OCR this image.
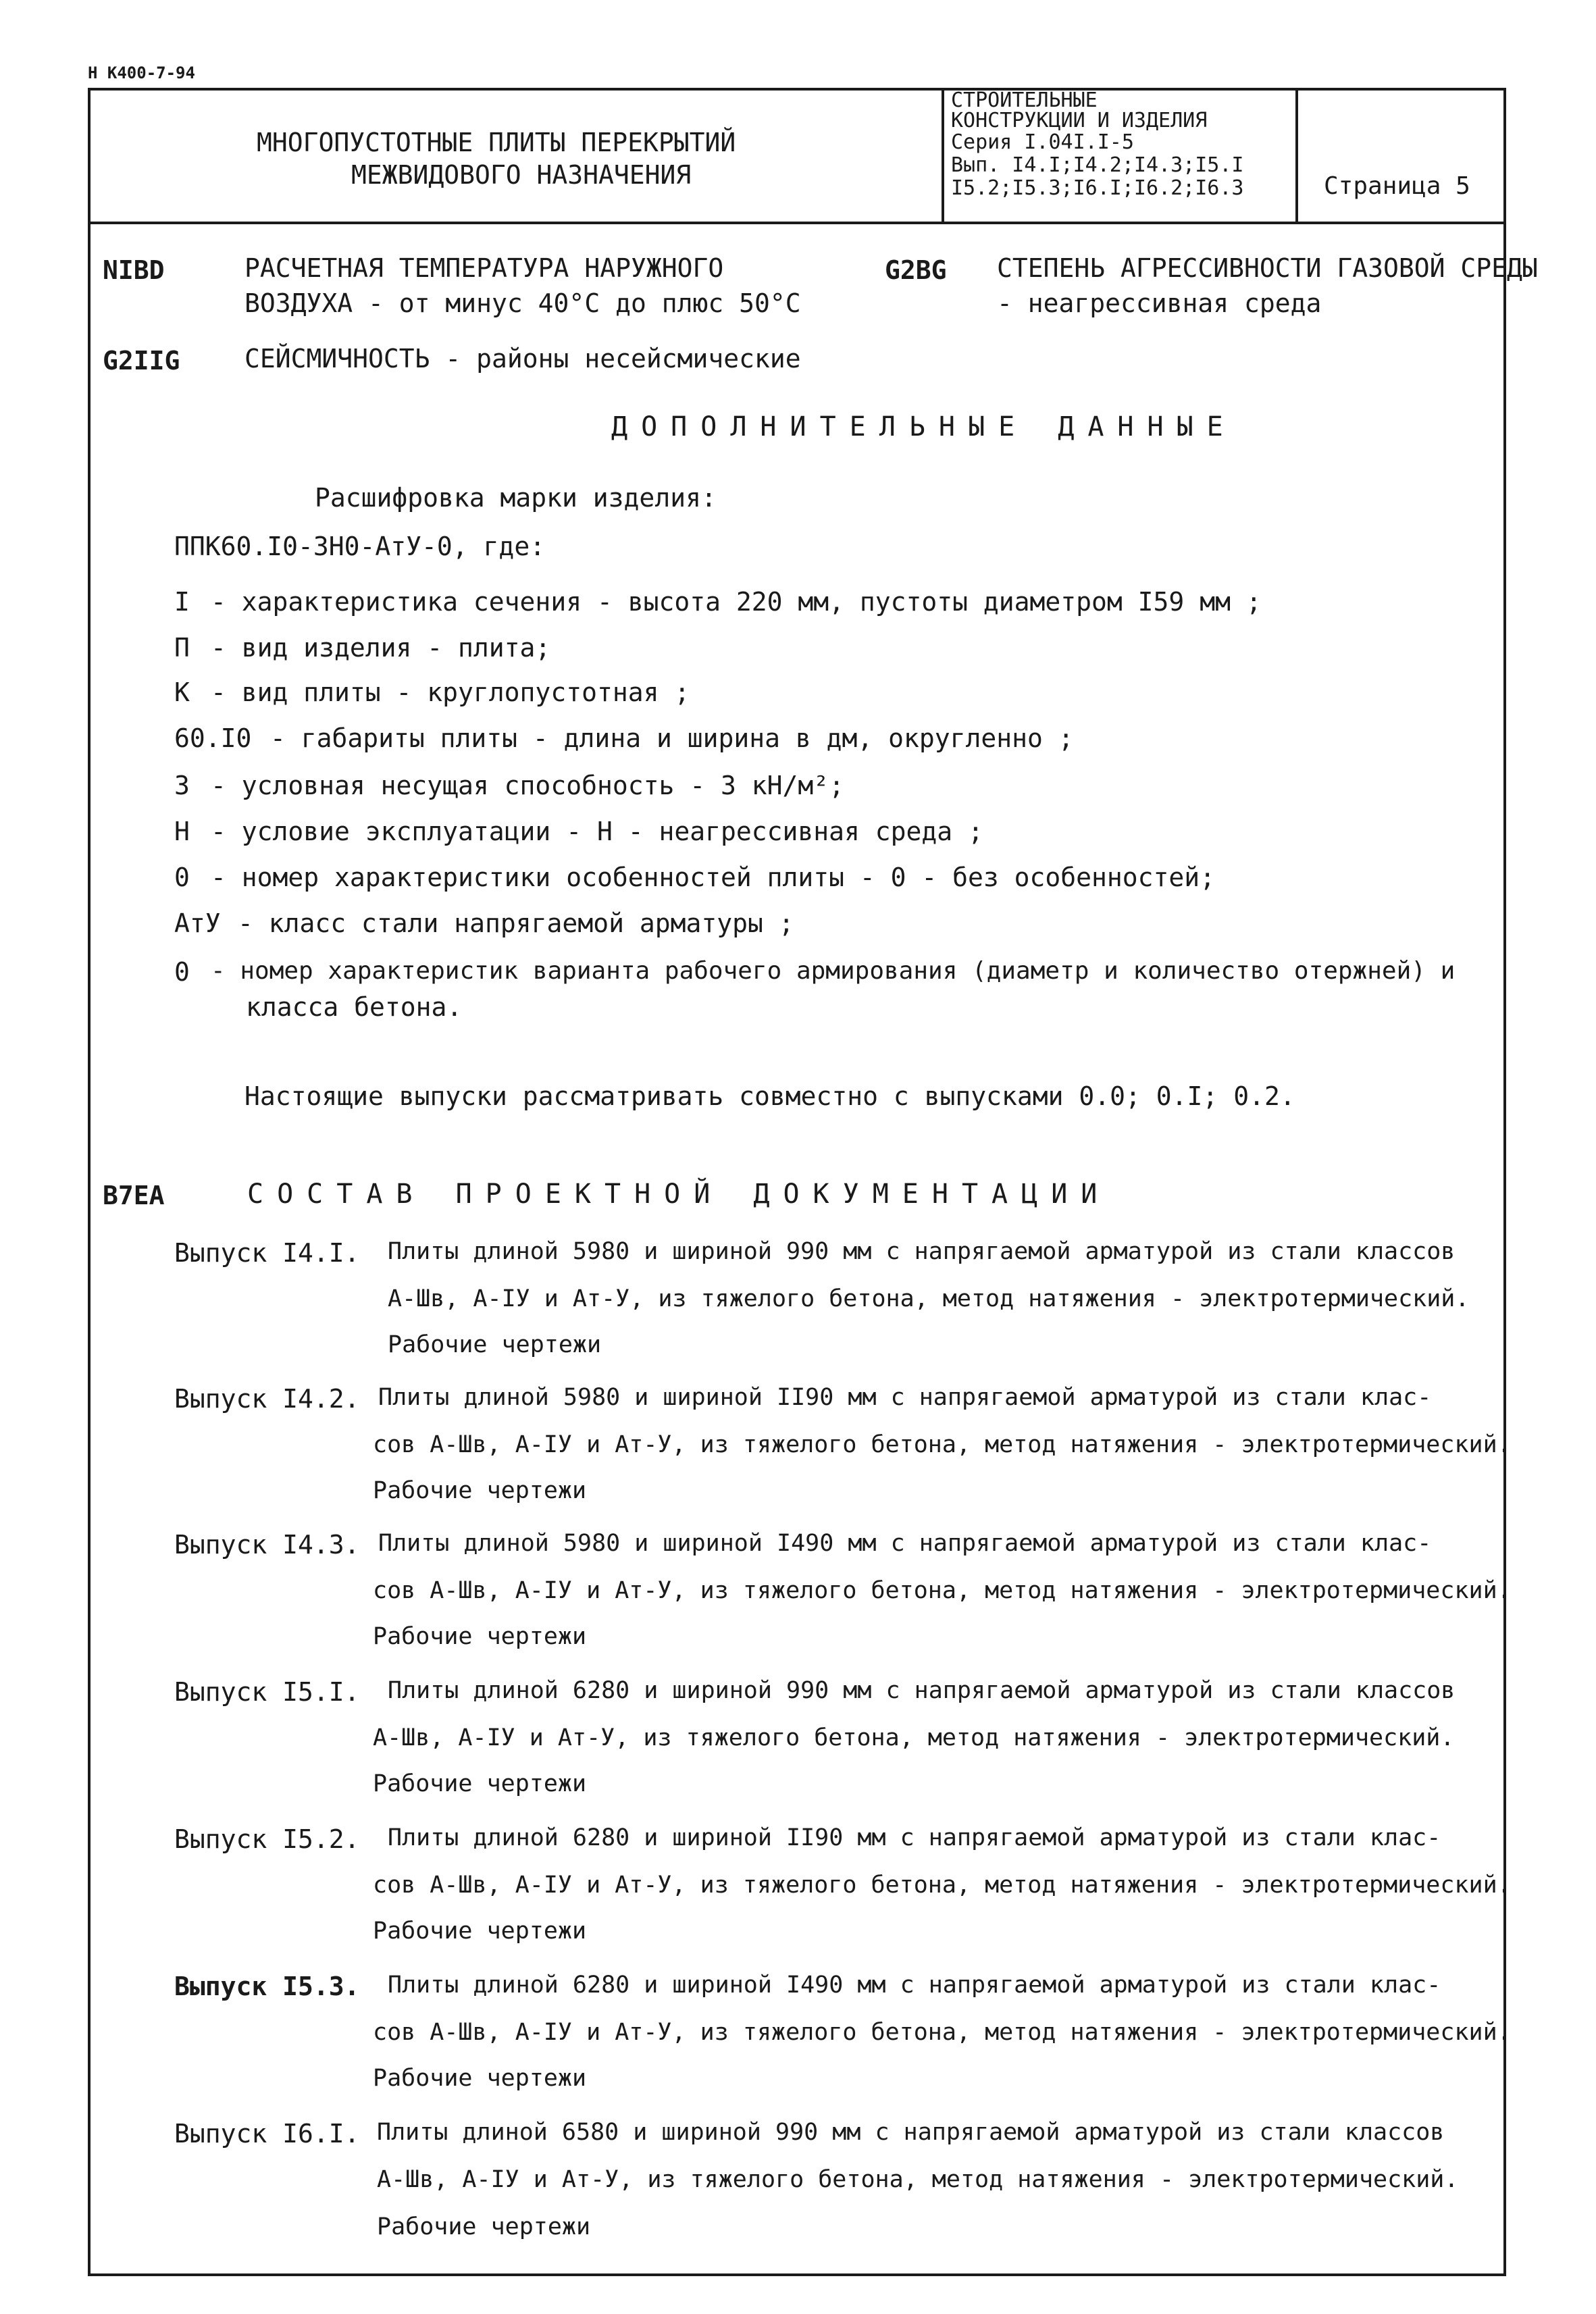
Н К400-7-94
МНОГОПУСТОТНЫЕ ПЛИТЫ ПЕРЕКРЫТИЙ
МЕЖВИДОВОГО НАЗНАЧЕНИЯ
СТРОИТЕЛЬНЫЕ
КОНСТРУКЦИИ И ИЗДЕЛИЯ
Серия I.04I.I-5
Вып. I4.I;I4.2;I4.3;I5.I
I5.2;I5.3;I6.I;I6.2;I6.3	Страница 5
NIBD	РАСЧЕТНАЯ ТЕМПЕРАТУРА НАРУЖНОГО
ВОЗДУХА - от минус 40°С до плюс 50°С
G2BG СТЕПЕНЬ АГРЕССИВНОСТИ ГАЗОВОЙ СРЕДЫ
- неагрессивная среда
G2IIG	СЕЙСМИЧНОСТЬ - районы несейсмические
ДОПОЛНИТЕЛЬНЫЕ ДАННЫЕ
Расшифровка марки изделия:
ППК60.I0-3Н0-АтУ-0, где:
I - характеристика сечения - высота 220 мм, пустоты диаметром I59 мм ;
П - вид изделия - плита;
К - вид плиты - круглопустотная ;
60.I0 - габариты плиты - длина и ширина в дм, округленно ;
3 - условная несущая способность - 3 кН/м²;
Н - условие эксплуатации - Н - неагрессивная среда ;
0 - номер характеристики особенностей плиты - 0 - без особенностей;
АтУ - класс стали напрягаемой арматуры ;
0 - номер характеристик варианта рабочего армирования (диаметр и количество отержней) и
класса бетона.
Настоящие выпуски рассматривать совместно с выпусками 0.0; 0.I; 0.2.
B7EA	СОСТАВ ПРОЕКТНОЙ ДОКУМЕНТАЦИИ
Выпуск I4.I. Плиты длиной 5980 и шириной 990 мм с напрягаемой арматурой из стали классов
А-Шв, А-IУ и Ат-У, из тяжелого бетона, метод натяжения - электротермический.
Рабочие чертежи
Выпуск I4.2. Плиты длиной 5980 и шириной II90 мм с напрягаемой арматурой из стали клас-
сов А-Шв, А-IУ и Ат-У, из тяжелого бетона, метод натяжения - электротермический.
Рабочие чертежи
Выпуск I4.3. Плиты длиной 5980 и шириной I490 мм с напрягаемой арматурой из стали клас-
сов А-Шв, А-IУ и Ат-У, из тяжелого бетона, метод натяжения - электротермический.
Рабочие чертежи
Выпуск I5.I. Плиты длиной 6280 и шириной 990 мм с напрягаемой арматурой из стали классов
А-Шв, А-IУ и Ат-У, из тяжелого бетона, метод натяжения - электротермический.
Рабочие чертежи
Выпуск I5.2. Плиты длиной 6280 и шириной II90 мм с напрягаемой арматурой из стали клас-
сов А-Шв, А-IУ и Ат-У, из тяжелого бетона, метод натяжения - электротермический.
Рабочие чертежи
Выпуск I5.3. Плиты длиной 6280 и шириной I490 мм с напрягаемой арматурой из стали клас-
сов А-Шв, А-IУ и Ат-У, из тяжелого бетона, метод натяжения - электротермический.
Рабочие чертежи
Выпуск I6.I. Плиты длиной 6580 и шириной 990 мм с напрягаемой арматурой из стали классов
А-Шв, А-IУ и Ат-У, из тяжелого бетона, метод натяжения - электротермический.
Рабочие чертежи
